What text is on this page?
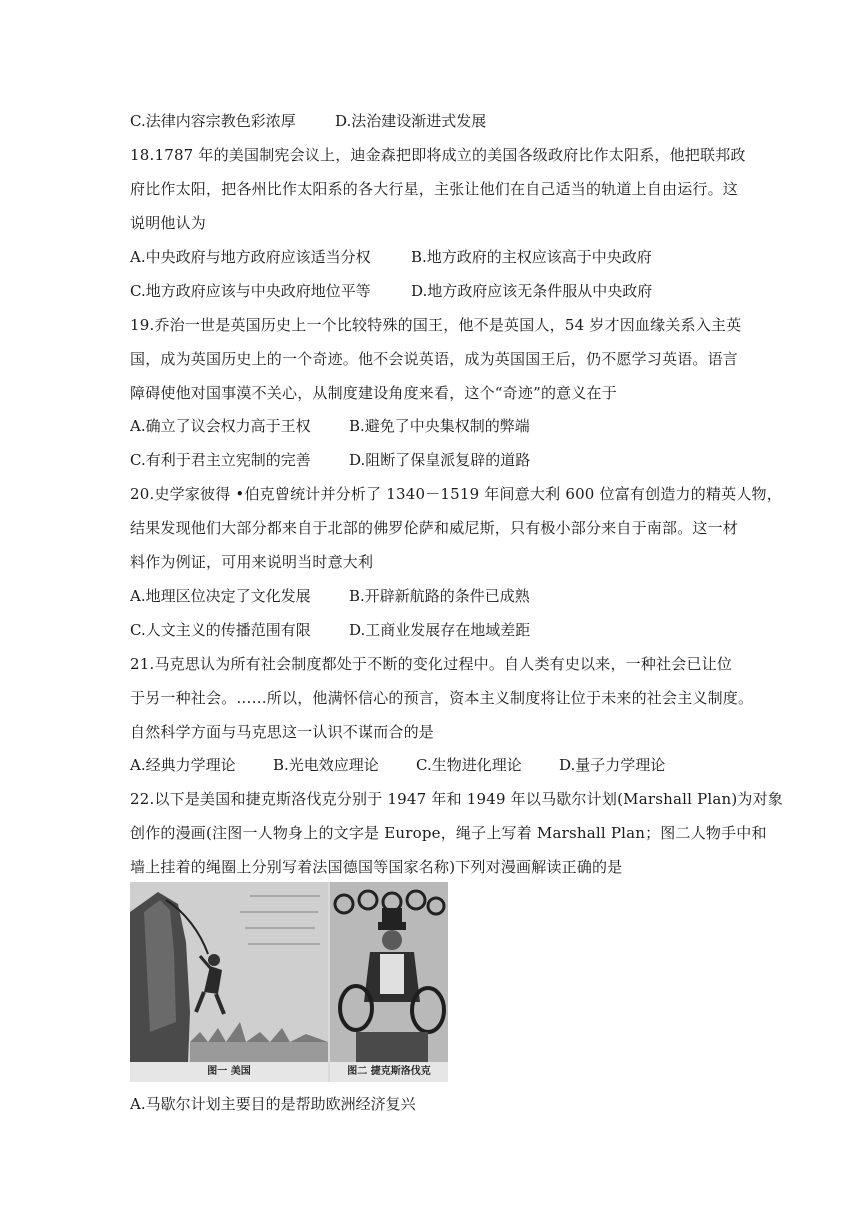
C.法律内容宗教色彩浓厚	D.法治建设渐进式发展
18.1787 年的美国制宪会议上，迪金森把即将成立的美国各级政府比作太阳系，他把联邦政
府比作太阳，把各州比作太阳系的各大行星，主张让他们在自己适当的轨道上自由运行。这
说明他认为
A.中央政府与地方政府应该适当分权	B.地方政府的主权应该高于中央政府
C.地方政府应该与中央政府地位平等	D.地方政府应该无条件服从中央政府
19.乔治一世是英国历史上一个比较特殊的国王，他不是英国人，54 岁才因血缘关系入主英
国，成为英国历史上的一个奇迹。他不会说英语，成为英国国王后，仍不愿学习英语。语言
障碍使他对国事漠不关心，从制度建设角度来看，这个“奇迹”的意义在于
A.确立了议会权力高于王权	B.避免了中央集权制的弊端
C.有利于君主立宪制的完善	D.阻断了保皇派复辟的道路
20.史学家彼得 •伯克曾统计并分析了 1340－1519 年间意大利 600 位富有创造力的精英人物，
结果发现他们大部分都来自于北部的佛罗伦萨和威尼斯，只有极小部分来自于南部。这一材
料作为例证，可用来说明当时意大利
A.地理区位决定了文化发展	B.开辟新航路的条件已成熟
C.人文主义的传播范围有限	D.工商业发展存在地域差距
21.马克思认为所有社会制度都处于不断的变化过程中。自人类有史以来，一种社会已让位
于另一种社会。……所以，他满怀信心的预言，资本主义制度将让位于未来的社会主义制度。
自然科学方面与马克思这一认识不谋而合的是
A.经典力学理论 B.光电效应理论 C.生物进化理论 D.量子力学理论
22.以下是美国和捷克斯洛伐克分别于 1947 年和 1949 年以马歇尔计划(Marshall Plan)为对象
创作的漫画(注图一人物身上的文字是 Europe，绳子上写着 Marshall Plan；图二人物手中和
墙上挂着的绳圈上分别写着法国德国等国家名称)下列对漫画解读正确的是
图一 美国	图二 捷克斯洛伐克
A.马歇尔计划主要目的是帮助欧洲经济复兴
